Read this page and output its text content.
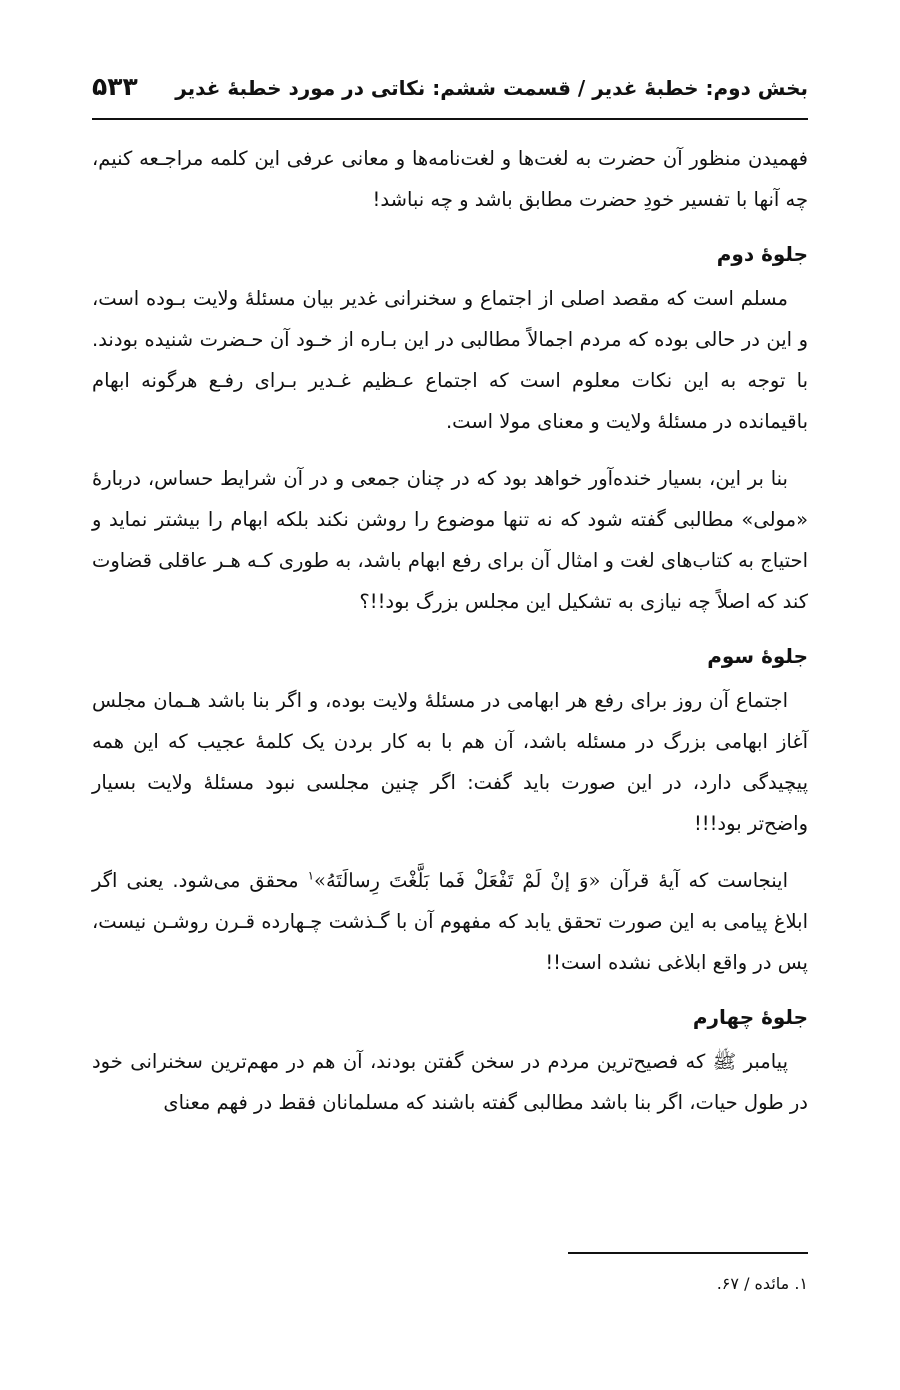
بخش دوم: خطبهٔ غدیر / قسمت ششم: نکاتی در مورد خطبهٔ غدیر
۵۳۳

فهمیدن منظور آن حضرت به لغت‌ها و لغت‌نامه‌ها و معانی عرفی این کلمه مراجـعه کنیم، چه آنها با تفسیر خودِ حضرت مطابق باشد و چه نباشد!

جلوهٔ دوم

مسلم است که مقصد اصلی از اجتماع و سخنرانی غدیر بیان مسئلهٔ ولایت بـوده است، و این در حالی بوده که مردم اجمالاً مطالبی در این بـاره از خـود آن حـضرت شنیده بودند. با توجه به این نکات معلوم است که اجتماع عـظیم غـدیر بـرای رفـع هرگونه ابهام باقیمانده در مسئلهٔ ولایت و معنای مولا است.

بنا بر این، بسیار خنده‌آور خواهد بود که در چنان جمعی و در آن شرایط حساس، دربارهٔ «مولی» مطالبی گفته شود که نه تنها موضوع را روشن نکند بلکه ابهام را بیشتر نماید و احتیاج به کتاب‌های لغت و امثال آن برای رفع ابهام باشد، به طوری کـه هـر عاقلی قضاوت کند که اصلاً چه نیازی به تشکیل این مجلس بزرگ بود!!؟

جلوهٔ سوم

اجتماع آن روز برای رفع هر ابهامی در مسئلهٔ ولایت بوده، و اگر بنا باشد هـمان مجلس آغاز ابهامی بزرگ در مسئله باشد، آن هم با به کار بردن یک کلمهٔ عجیب که این همه پیچیدگی دارد، در این صورت باید گفت: اگر چنین مجلسی نبود مسئلهٔ ولایت بسیار واضح‌تر بود!!!

اینجاست که آیهٔ قرآن «وَ إنْ لَمْ تَفْعَلْ فَما بَلَّغْتَ رِسالَتَهُ»$^۱$ محقق می‌شود. یعنی اگر ابلاغ پیامی به این صورت تحقق یابد که مفهوم آن با گـذشت چـهارده قـرن روشـن نیست، پس در واقع ابلاغی نشده است!!

جلوهٔ چهارم

پیامبر ﷺ که فصیح‌ترین مردم در سخن گفتن بودند، آن هم در مهم‌ترین سخنرانی خود در طول حیات، اگر بنا باشد مطالبی گفته باشند که مسلمانان فقط در فهم معنای

۱. مائده / ۶۷.
